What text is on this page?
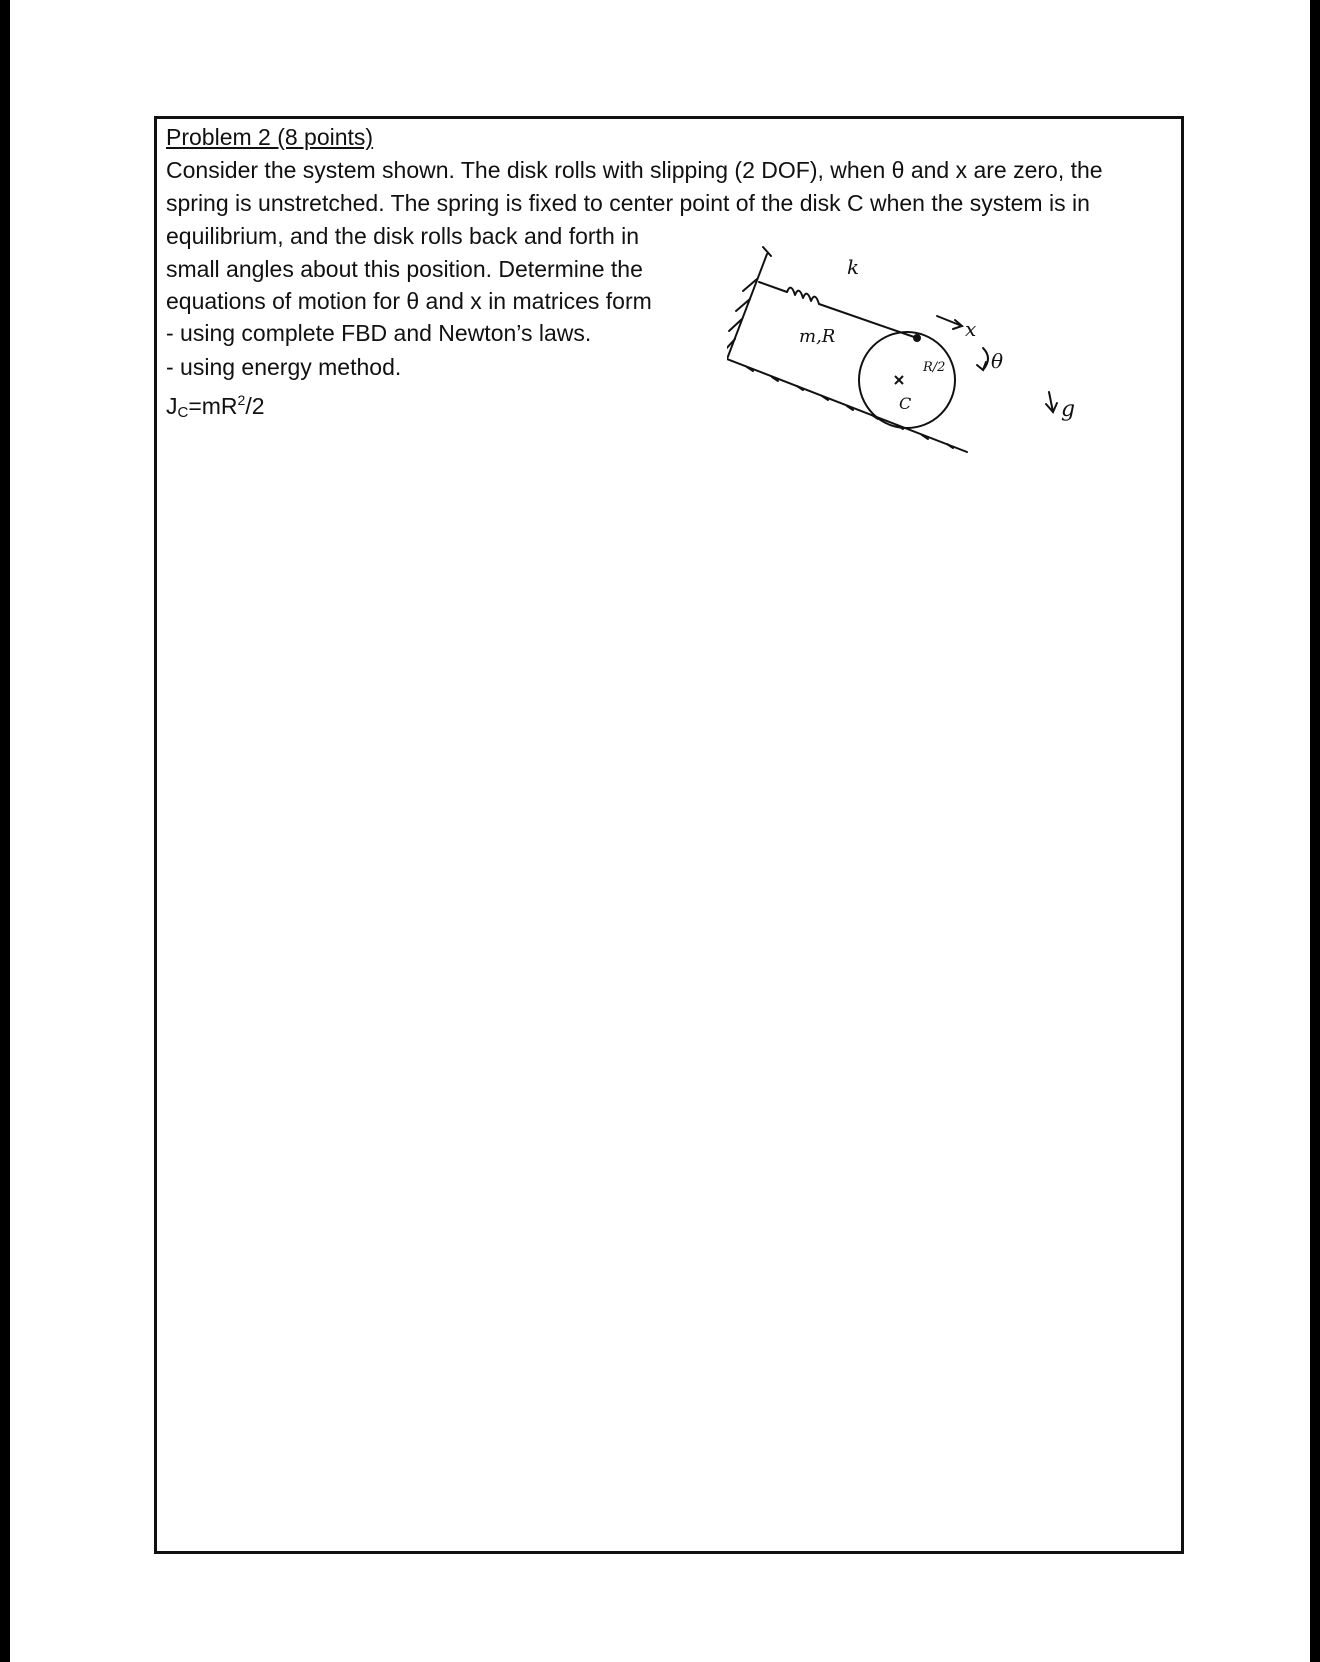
Problem 2 (8 points)
Consider the system shown. The disk rolls with slipping (2 DOF), when θ and x are zero, the
spring is unstretched. The spring is fixed to center point of the disk C when the system is in
equilibrium, and the disk rolls back and forth in
small angles about this position. Determine the
equations of motion for θ and x in matrices form
- using complete FBD and Newton’s laws.
- using energy method.
$J_C=mR^2/2$
k
m,R	x
θ
C
R/2
g
